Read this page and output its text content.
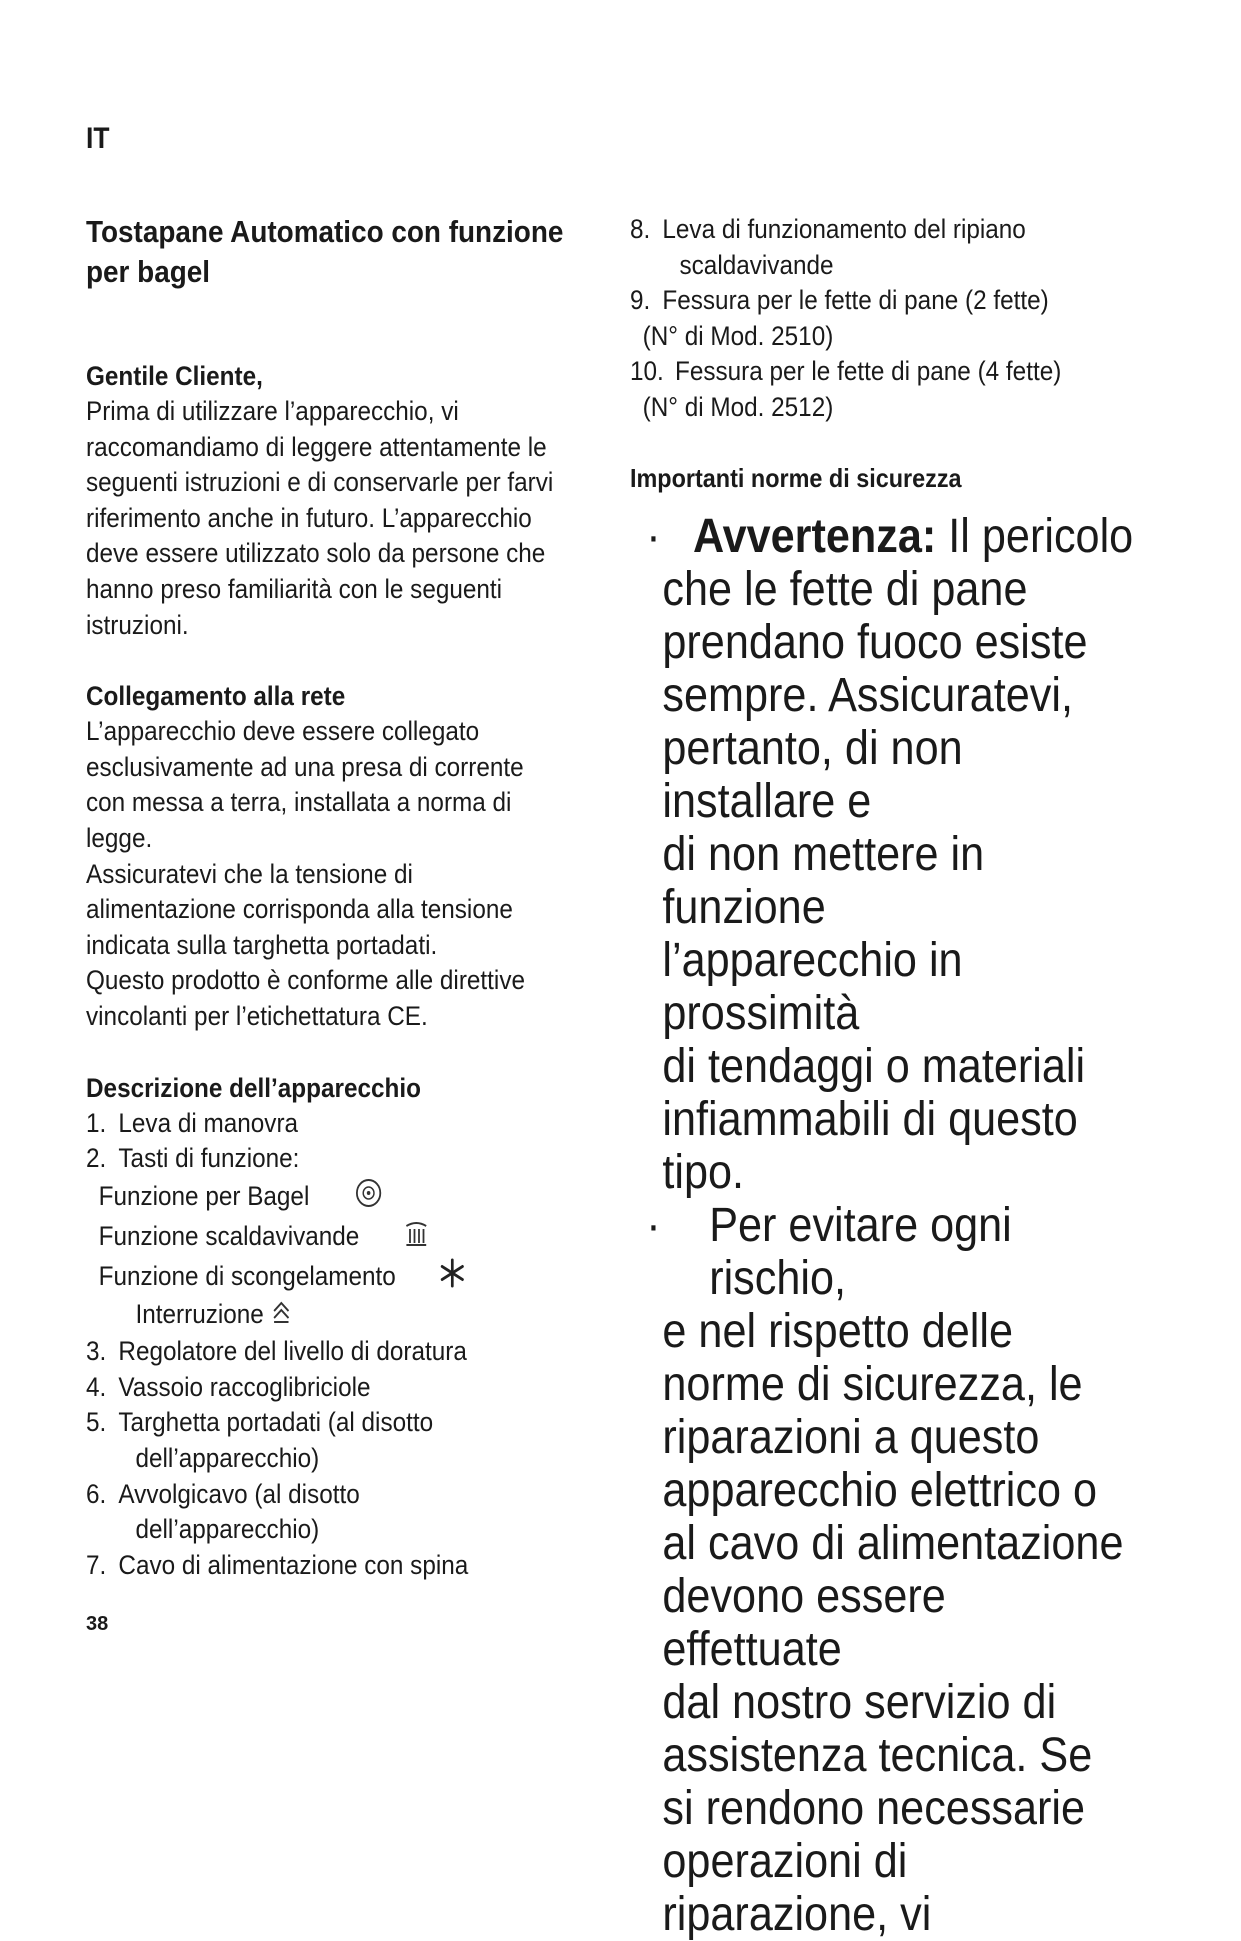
IT
Tostapane Automatico con funzione
per bagel
Gentile Cliente,

Prima di utilizzare l’apparecchio, vi

raccomandiamo di leggere attentamente le

seguenti istruzioni e di conservarle per farvi

riferimento anche in futuro. L’apparecchio

deve essere utilizzato solo da persone che

hanno preso familiarità con le seguenti

istruzioni.

Collegamento alla rete

L’apparecchio deve essere collegato

esclusivamente ad una presa di corrente

con messa a terra, installata a norma di

legge.

Assicuratevi che la tensione di

alimentazione corrisponda alla tensione

indicata sulla targhetta portadati.

Questo prodotto è conforme alle direttive

vincolanti per l’etichettatura CE.

Descrizione dell’apparecchio
1. Leva di manovra
2. Tasti di funzione:
Funzione per Bagel
Funzione scaldavivande
Funzione di scongelamento
Interruzione
3. Regolatore del livello di doratura
4. Vassoio raccoglibriciole
5. Targhetta portadati (al disotto
dell’apparecchio)
6. Avvolgicavo (al disotto
dell’apparecchio)
7. Cavo di alimentazione con spina
8. Leva di funzionamento del ripiano
scaldavivande
9. Fessura per le fette di pane (2 fette)
(N° di Mod. 2510)
10. Fessura per le fette di pane (4 fette)
(N° di Mod. 2512)
Importanti norme di sicurezza
· Avvertenza: Il pericolo
che le fette di pane
prendano fuoco esiste
sempre. Assicuratevi,
pertanto, di non installare e
di non mettere in funzione
l’apparecchio in prossimità
di tendaggi o materiali
infiammabili di questo tipo.
·	Per evitare ogni rischio,
e nel rispetto delle
norme di sicurezza, le
riparazioni a questo
apparecchio elettrico o
al cavo di alimentazione
devono essere effettuate
dal nostro servizio di
assistenza tecnica. Se
si rendono necessarie
operazioni di riparazione, vi
38
